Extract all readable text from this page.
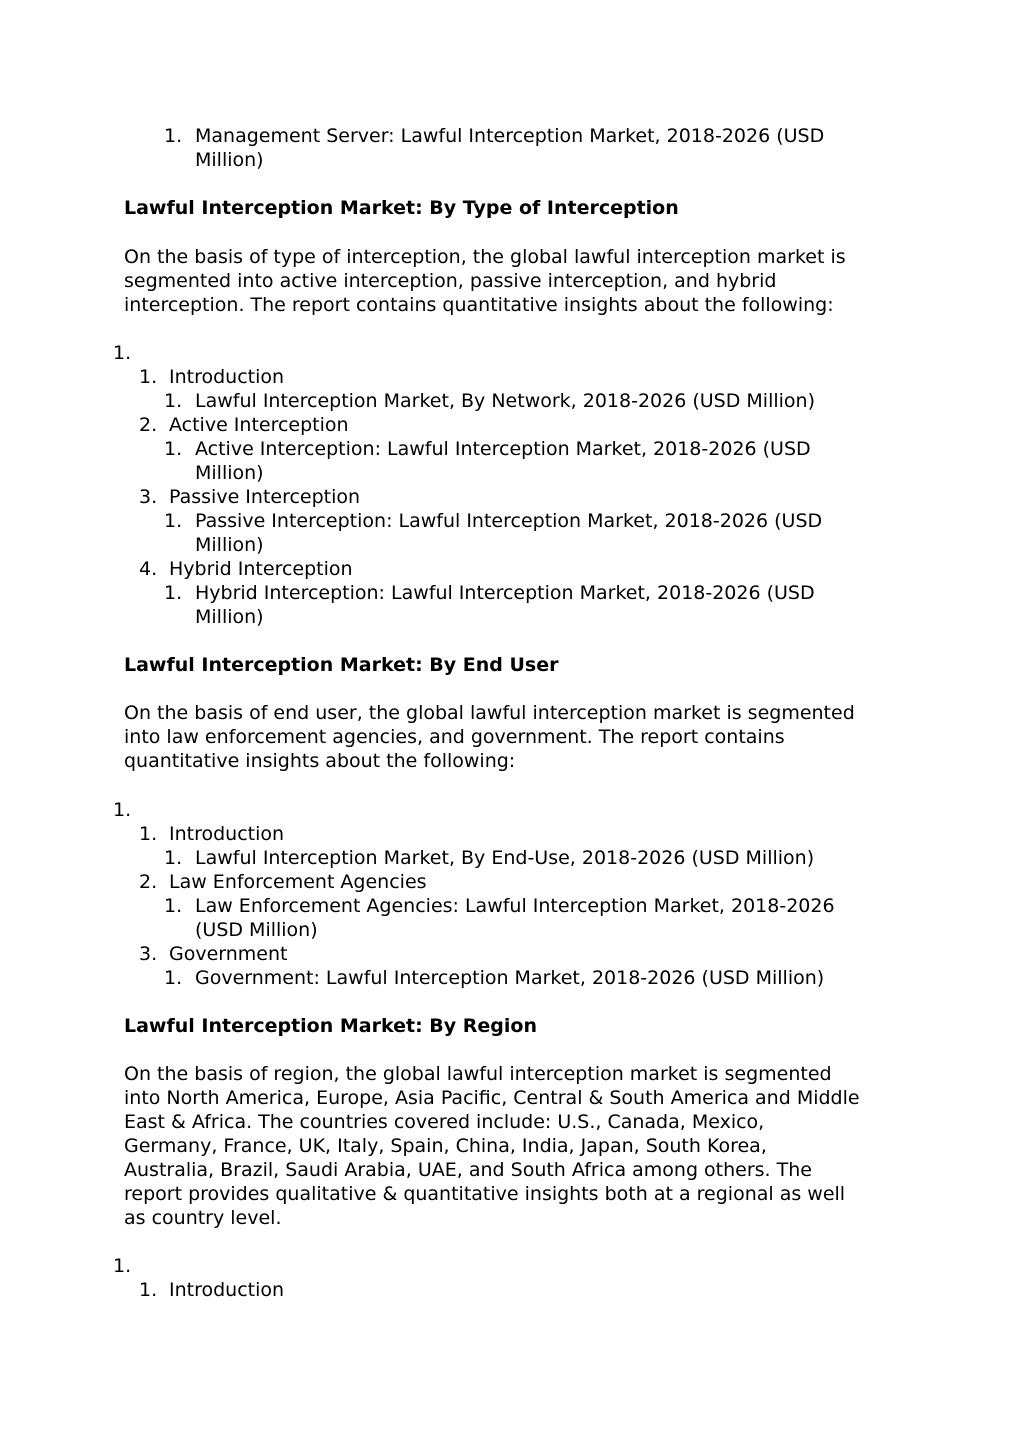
1. Management Server: Lawful Interception Market, 2018-2026 (USD
Million)
Lawful Interception Market: By Type of Interception
On the basis of type of interception, the global lawful interception market is
segmented into active interception, passive interception, and hybrid
interception. The report contains quantitative insights about the following:
1.
1. Introduction
1. Lawful Interception Market, By Network, 2018-2026 (USD Million)
2. Active Interception
1. Active Interception: Lawful Interception Market, 2018-2026 (USD
Million)
3. Passive Interception
1. Passive Interception: Lawful Interception Market, 2018-2026 (USD
Million)
4. Hybrid Interception
1. Hybrid Interception: Lawful Interception Market, 2018-2026 (USD
Million)
Lawful Interception Market: By End User
On the basis of end user, the global lawful interception market is segmented
into law enforcement agencies, and government. The report contains
quantitative insights about the following:
1.
1. Introduction
1. Lawful Interception Market, By End-Use, 2018-2026 (USD Million)
2. Law Enforcement Agencies
1. Law Enforcement Agencies: Lawful Interception Market, 2018-2026
(USD Million)
3. Government
1. Government: Lawful Interception Market, 2018-2026 (USD Million)
Lawful Interception Market: By Region
On the basis of region, the global lawful interception market is segmented
into North America, Europe, Asia Pacific, Central & South America and Middle
East & Africa. The countries covered include: U.S., Canada, Mexico,
Germany, France, UK, Italy, Spain, China, India, Japan, South Korea,
Australia, Brazil, Saudi Arabia, UAE, and South Africa among others. The
report provides qualitative & quantitative insights both at a regional as well
as country level.
1.
1. Introduction
